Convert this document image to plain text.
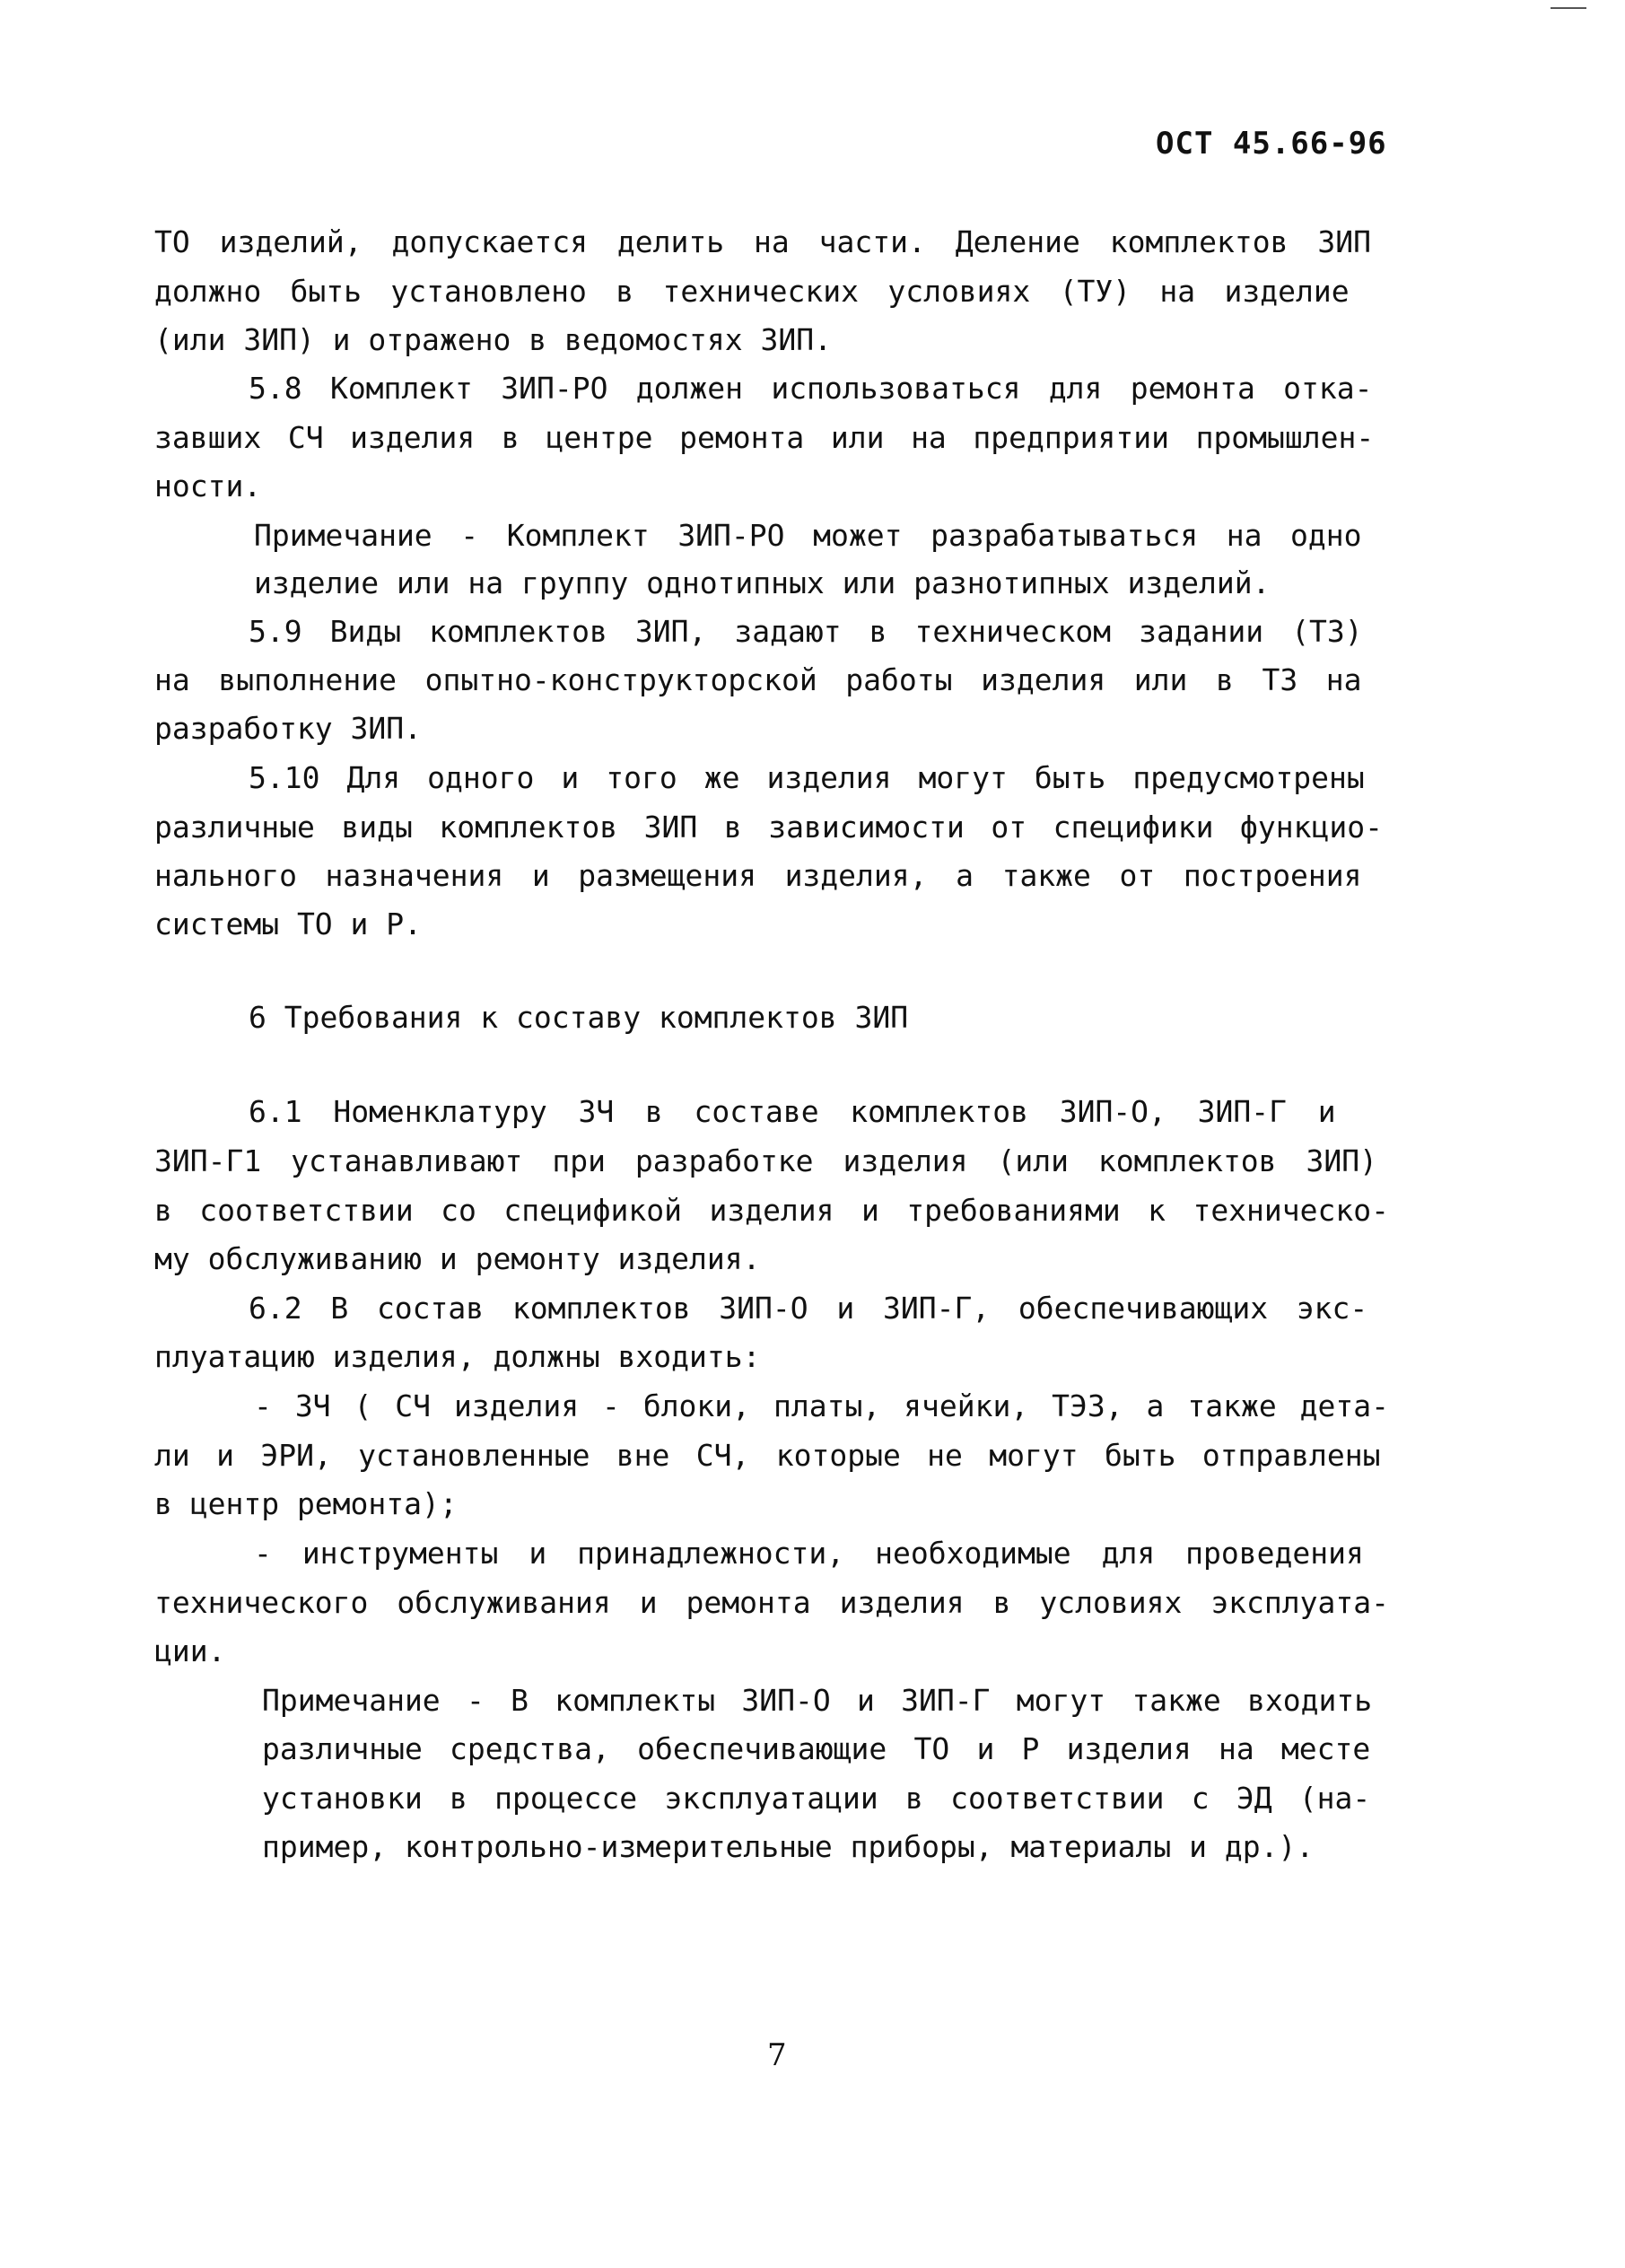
ОСТ 45.66-96
ТО изделий, допускается делить на части. Деление комплектов ЗИП
должно быть установлено в технических условиях (ТУ) на изделие
(или ЗИП) и отражено в ведомостях ЗИП.
5.8 Комплект ЗИП-РО должен использоваться для ремонта отка-
завших СЧ изделия в центре ремонта или на предприятии промышлен-
ности.
Примечание - Комплект ЗИП-РО может разрабатываться на одно
изделие или на группу однотипных или разнотипных изделий.
5.9 Виды комплектов ЗИП, задают в техническом задании (ТЗ)
на выполнение опытно-конструкторской работы изделия или в ТЗ на
разработку ЗИП.
5.10 Для одного и того же изделия могут быть предусмотрены
различные виды комплектов ЗИП в зависимости от специфики функцио-
нального назначения и размещения изделия, а также от построения
системы ТО и Р.
6 Требования к составу комплектов ЗИП
6.1 Номенклатуру ЗЧ в составе комплектов ЗИП-О, ЗИП-Г и
ЗИП-Г1 устанавливают при разработке изделия (или комплектов ЗИП)
в соответствии со спецификой изделия и требованиями к техническо-
му обслуживанию и ремонту изделия.
6.2 В состав комплектов ЗИП-О и ЗИП-Г, обеспечивающих экс-
плуатацию изделия, должны входить:
- ЗЧ ( СЧ изделия - блоки, платы, ячейки, ТЭЗ, а также дета-
ли и ЭРИ, установленные вне СЧ, которые не могут быть отправлены
в центр ремонта);
- инструменты и принадлежности, необходимые для проведения
технического обслуживания и ремонта изделия в условиях эксплуата-
ции.
Примечание - В комплекты ЗИП-О и ЗИП-Г могут также входить
различные средства, обеспечивающие ТО и Р изделия на месте
установки в процессе эксплуатации в соответствии с ЭД (на-
пример, контрольно-измерительные приборы, материалы и др.).
7
